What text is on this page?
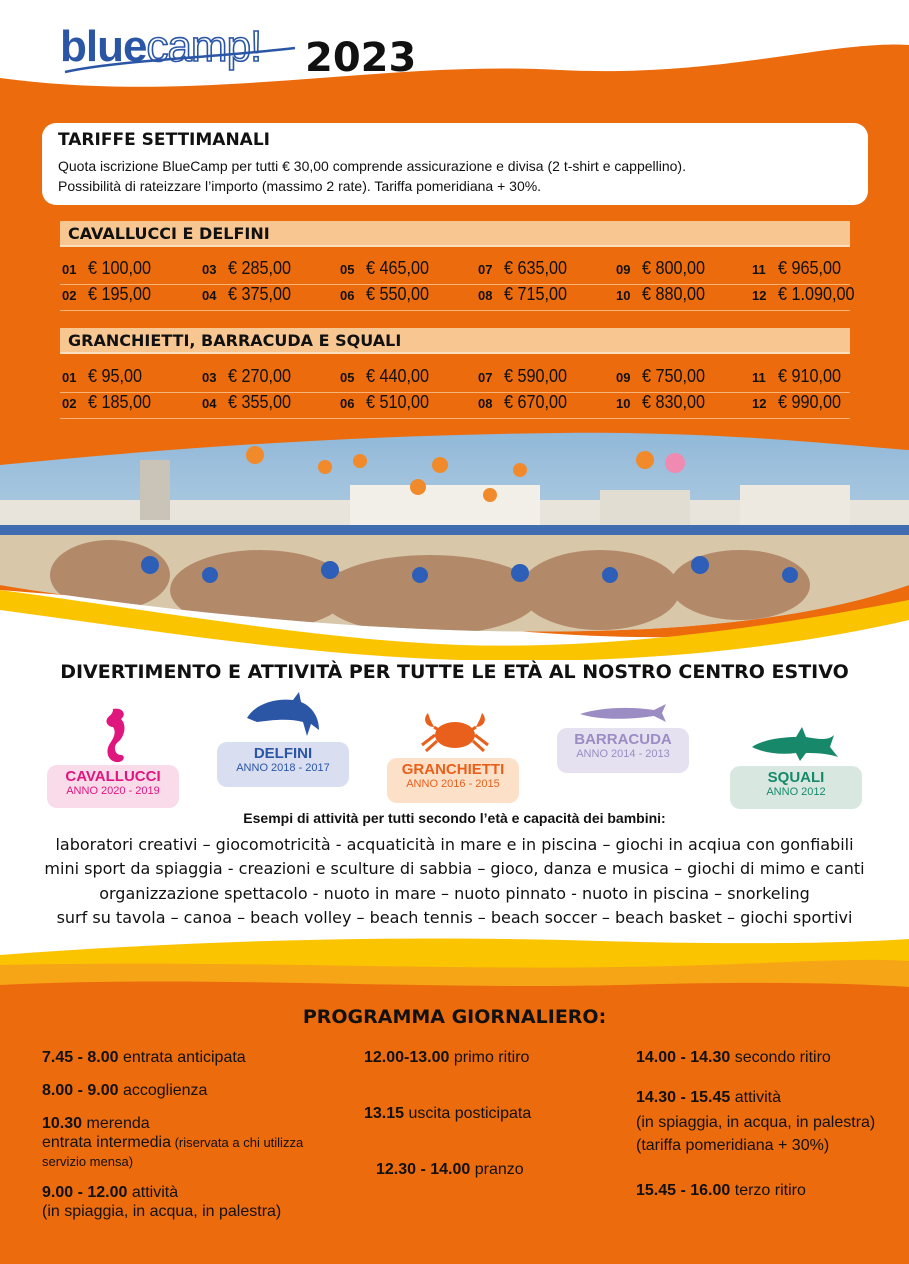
bluecamp! 2023
TARIFFE SETTIMANALI
Quota iscrizione BlueCamp per tutti € 30,00 comprende assicurazione e divisa (2 t-shirt e cappellino).
Possibilità di rateizzare l’importo (massimo 2 rate). Tariffa pomeridiana + 30%.
CAVALLUCCI E DELFINI
01 € 100,00	03 € 285,00	05 € 465,00	07 € 635,00	09 € 800,00	11 € 965,00
02 € 195,00	04 € 375,00	06 € 550,00	08 € 715,00	10 € 880,00	12 € 1.090,00
GRANCHIETTI, BARRACUDA E SQUALI
01 € 95,00	03 € 270,00	05 € 440,00	07 € 590,00	09 € 750,00	11 € 910,00
02 € 185,00	04 € 355,00	06 € 510,00	08 € 670,00	10 € 830,00	12 € 990,00
DIVERTIMENTO E ATTIVITÀ PER TUTTE LE ETÀ AL NOSTRO CENTRO ESTIVO
CAVALLUCCI
ANNO 2020 - 2019
DELFINI
ANNO 2018 - 2017	GRANCHIETTI
ANNO 2016 - 2015
BARRACUDA
ANNO 2014 - 2013
SQUALI
ANNO 2012
Esempi di attività per tutti secondo l’età e capacità dei bambini:
laboratori creativi – giocomotricità - acquaticità in mare e in piscina – giochi in acqiua con gonfiabili
mini sport da spiaggia - creazioni e sculture di sabbia – gioco, danza e musica – giochi di mimo e canti
organizzazione spettacolo - nuoto in mare – nuoto pinnato - nuoto in piscina – snorkeling
surf su tavola – canoa – beach volley – beach tennis – beach soccer – beach basket – giochi sportivi
PROGRAMMA GIORNALIERO:
7.45 - 8.00 entrata anticipata
8.00 - 9.00 accoglienza
10.30 merenda
entrata intermedia (riservata a chi utilizza
servizio mensa)
9.00 - 12.00 attività
(in spiaggia, in acqua, in palestra)
12.00-13.00 primo ritiro
13.15 uscita posticipata
12.30 - 14.00 pranzo
14.00 - 14.30 secondo ritiro
14.30 - 15.45 attività
(in spiaggia, in acqua, in palestra)
(tariffa pomeridiana + 30%)
15.45 - 16.00 terzo ritiro
